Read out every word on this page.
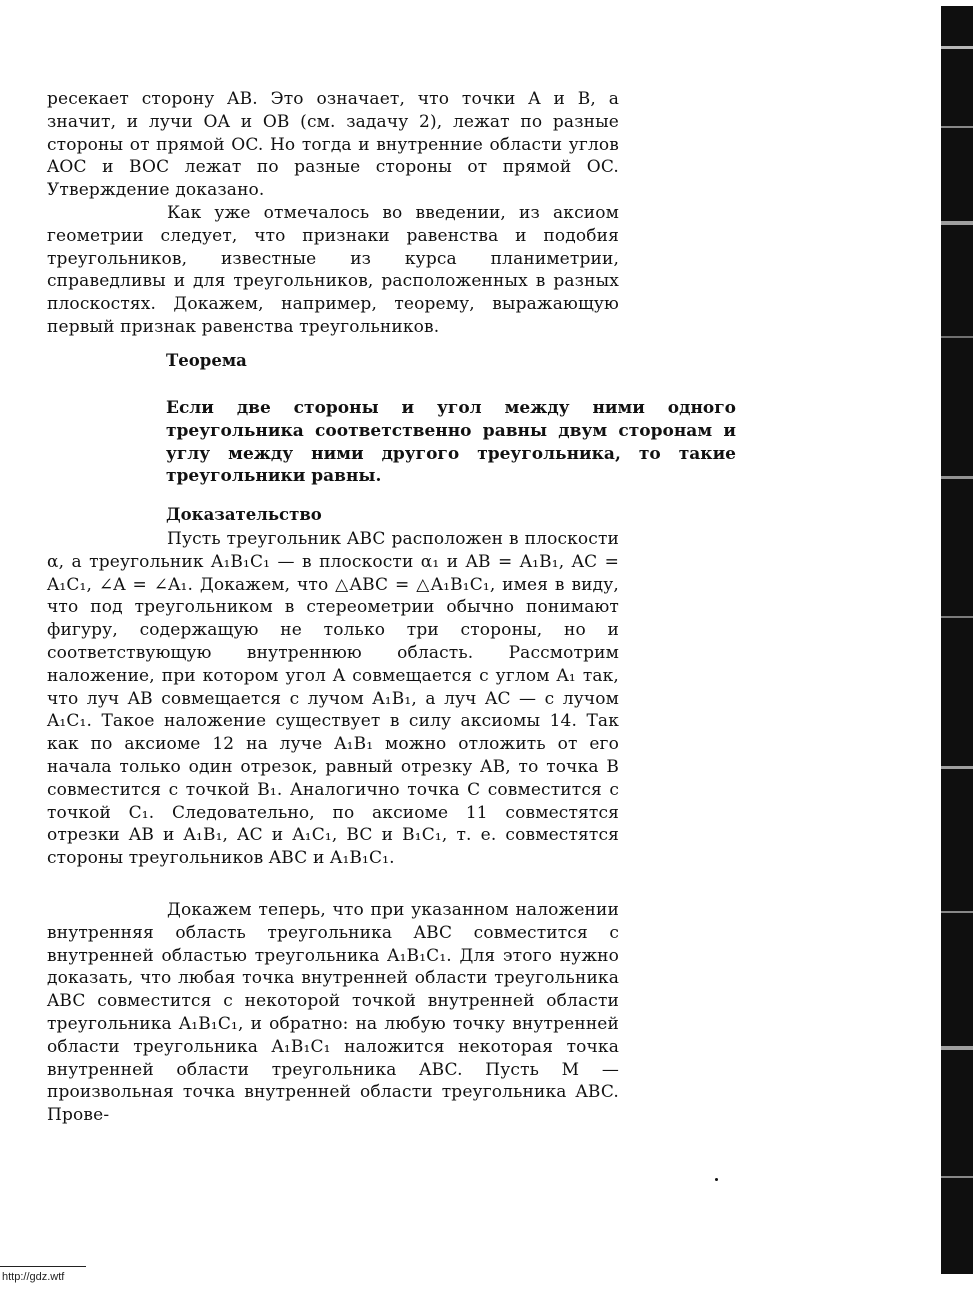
ресекает сторону AB. Это означает, что точки A и B, а значит, и лучи OA и OB (см. задачу 2), лежат по разные стороны от прямой OC. Но тогда и внутренние области углов AOC и BOC лежат по разные стороны от прямой OC. Утверждение доказано.
Как уже отмечалось во введении, из аксиом геометрии следует, что признаки равенства и подобия треугольников, известные из курса планиметрии, справедливы и для треугольников, расположенных в разных плоскостях. Докажем, например, теорему, выражающую первый признак равенства треугольников.
Теорема
Если две стороны и угол между ними одного треугольника соответственно равны двум сторонам и углу между ними другого треугольника, то такие треугольники равны.
Доказательство
Пусть треугольник ABC расположен в плоскости α, а треугольник A₁B₁C₁ — в плоскости α₁ и AB = A₁B₁, AC = A₁C₁, ∠A = ∠A₁. Докажем, что △ABC = △A₁B₁C₁, имея в виду, что под треугольником в стереометрии обычно понимают фигуру, содержащую не только три стороны, но и соответствующую внутреннюю область. Рассмотрим наложение, при котором угол A совмещается с углом A₁ так, что луч AB совмещается с лучом A₁B₁, а луч AC — с лучом A₁C₁. Такое наложение существует в силу аксиомы 14. Так как по аксиоме 12 на луче A₁B₁ можно отложить от его начала только один отрезок, равный отрезку AB, то точка B совместится с точкой B₁. Аналогично точка C совместится с точкой C₁. Следовательно, по аксиоме 11 совместятся отрезки AB и A₁B₁, AC и A₁C₁, BC и B₁C₁, т. е. совместятся стороны треугольников ABC и A₁B₁C₁.
Докажем теперь, что при указанном наложении внутренняя область треугольника ABC совместится с внутренней областью треугольника A₁B₁C₁. Для этого нужно доказать, что любая точка внутренней области треугольника ABC совместится с некоторой точкой внутренней области треугольника A₁B₁C₁, и обратно: на любую точку внутренней области треугольника A₁B₁C₁ наложится некоторая точка внутренней области треугольника ABC. Пусть M — произвольная точка внутренней области треугольника ABC. Прове-
http://gdz.wtf
